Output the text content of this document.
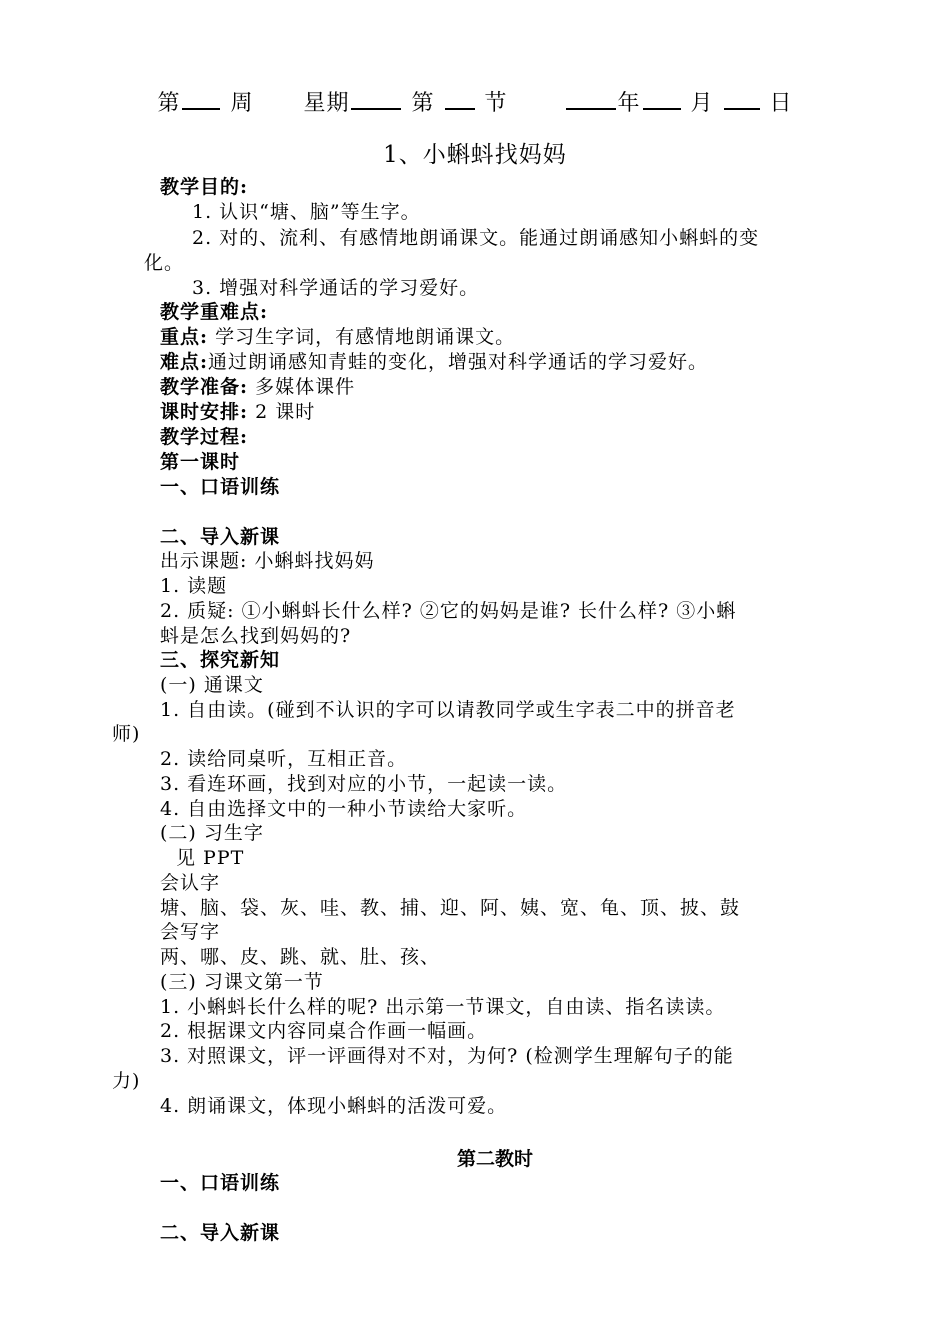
第 周 星期	第 节	年 月	日
1、小蝌蚪找妈妈
教学目的:
1. 认识“塘、脑”等生字。
2. 对的、流利、有感情地朗诵课文。能通过朗诵感知小蝌蚪的变
化。
3. 增强对科学通话的学习爱好。
教学重难点:
重点: 学习生字词，有感情地朗诵课文。
难点:通过朗诵感知青蛙的变化，增强对科学通话的学习爱好。
教学准备: 多媒体课件
课时安排: 2 课时
教学过程:
第一课时
一、口语训练
二、导入新课
出示课题: 小蝌蚪找妈妈
1. 读题
2. 质疑: ①小蝌蚪长什么样? ②它的妈妈是谁? 长什么样? ③小蝌
蚪是怎么找到妈妈的?
三、探究新知
(一) 通课文
1. 自由读。(碰到不认识的字可以请教同学或生字表二中的拼音老
师)
2. 读给同桌听，互相正音。
3. 看连环画，找到对应的小节，一起读一读。
4. 自由选择文中的一种小节读给大家听。
(二) 习生字
见 PPT
会认字
塘、脑、袋、灰、哇、教、捕、迎、阿、姨、宽、龟、顶、披、鼓
会写字
两、哪、皮、跳、就、肚、孩、
(三) 习课文第一节
1. 小蝌蚪长什么样的呢? 出示第一节课文，自由读、指名读读。
2. 根据课文内容同桌合作画一幅画。
3. 对照课文，评一评画得对不对，为何? (检测学生理解句子的能
力)
4. 朗诵课文，体现小蝌蚪的活泼可爱。
第二教时
一、口语训练
二、导入新课
